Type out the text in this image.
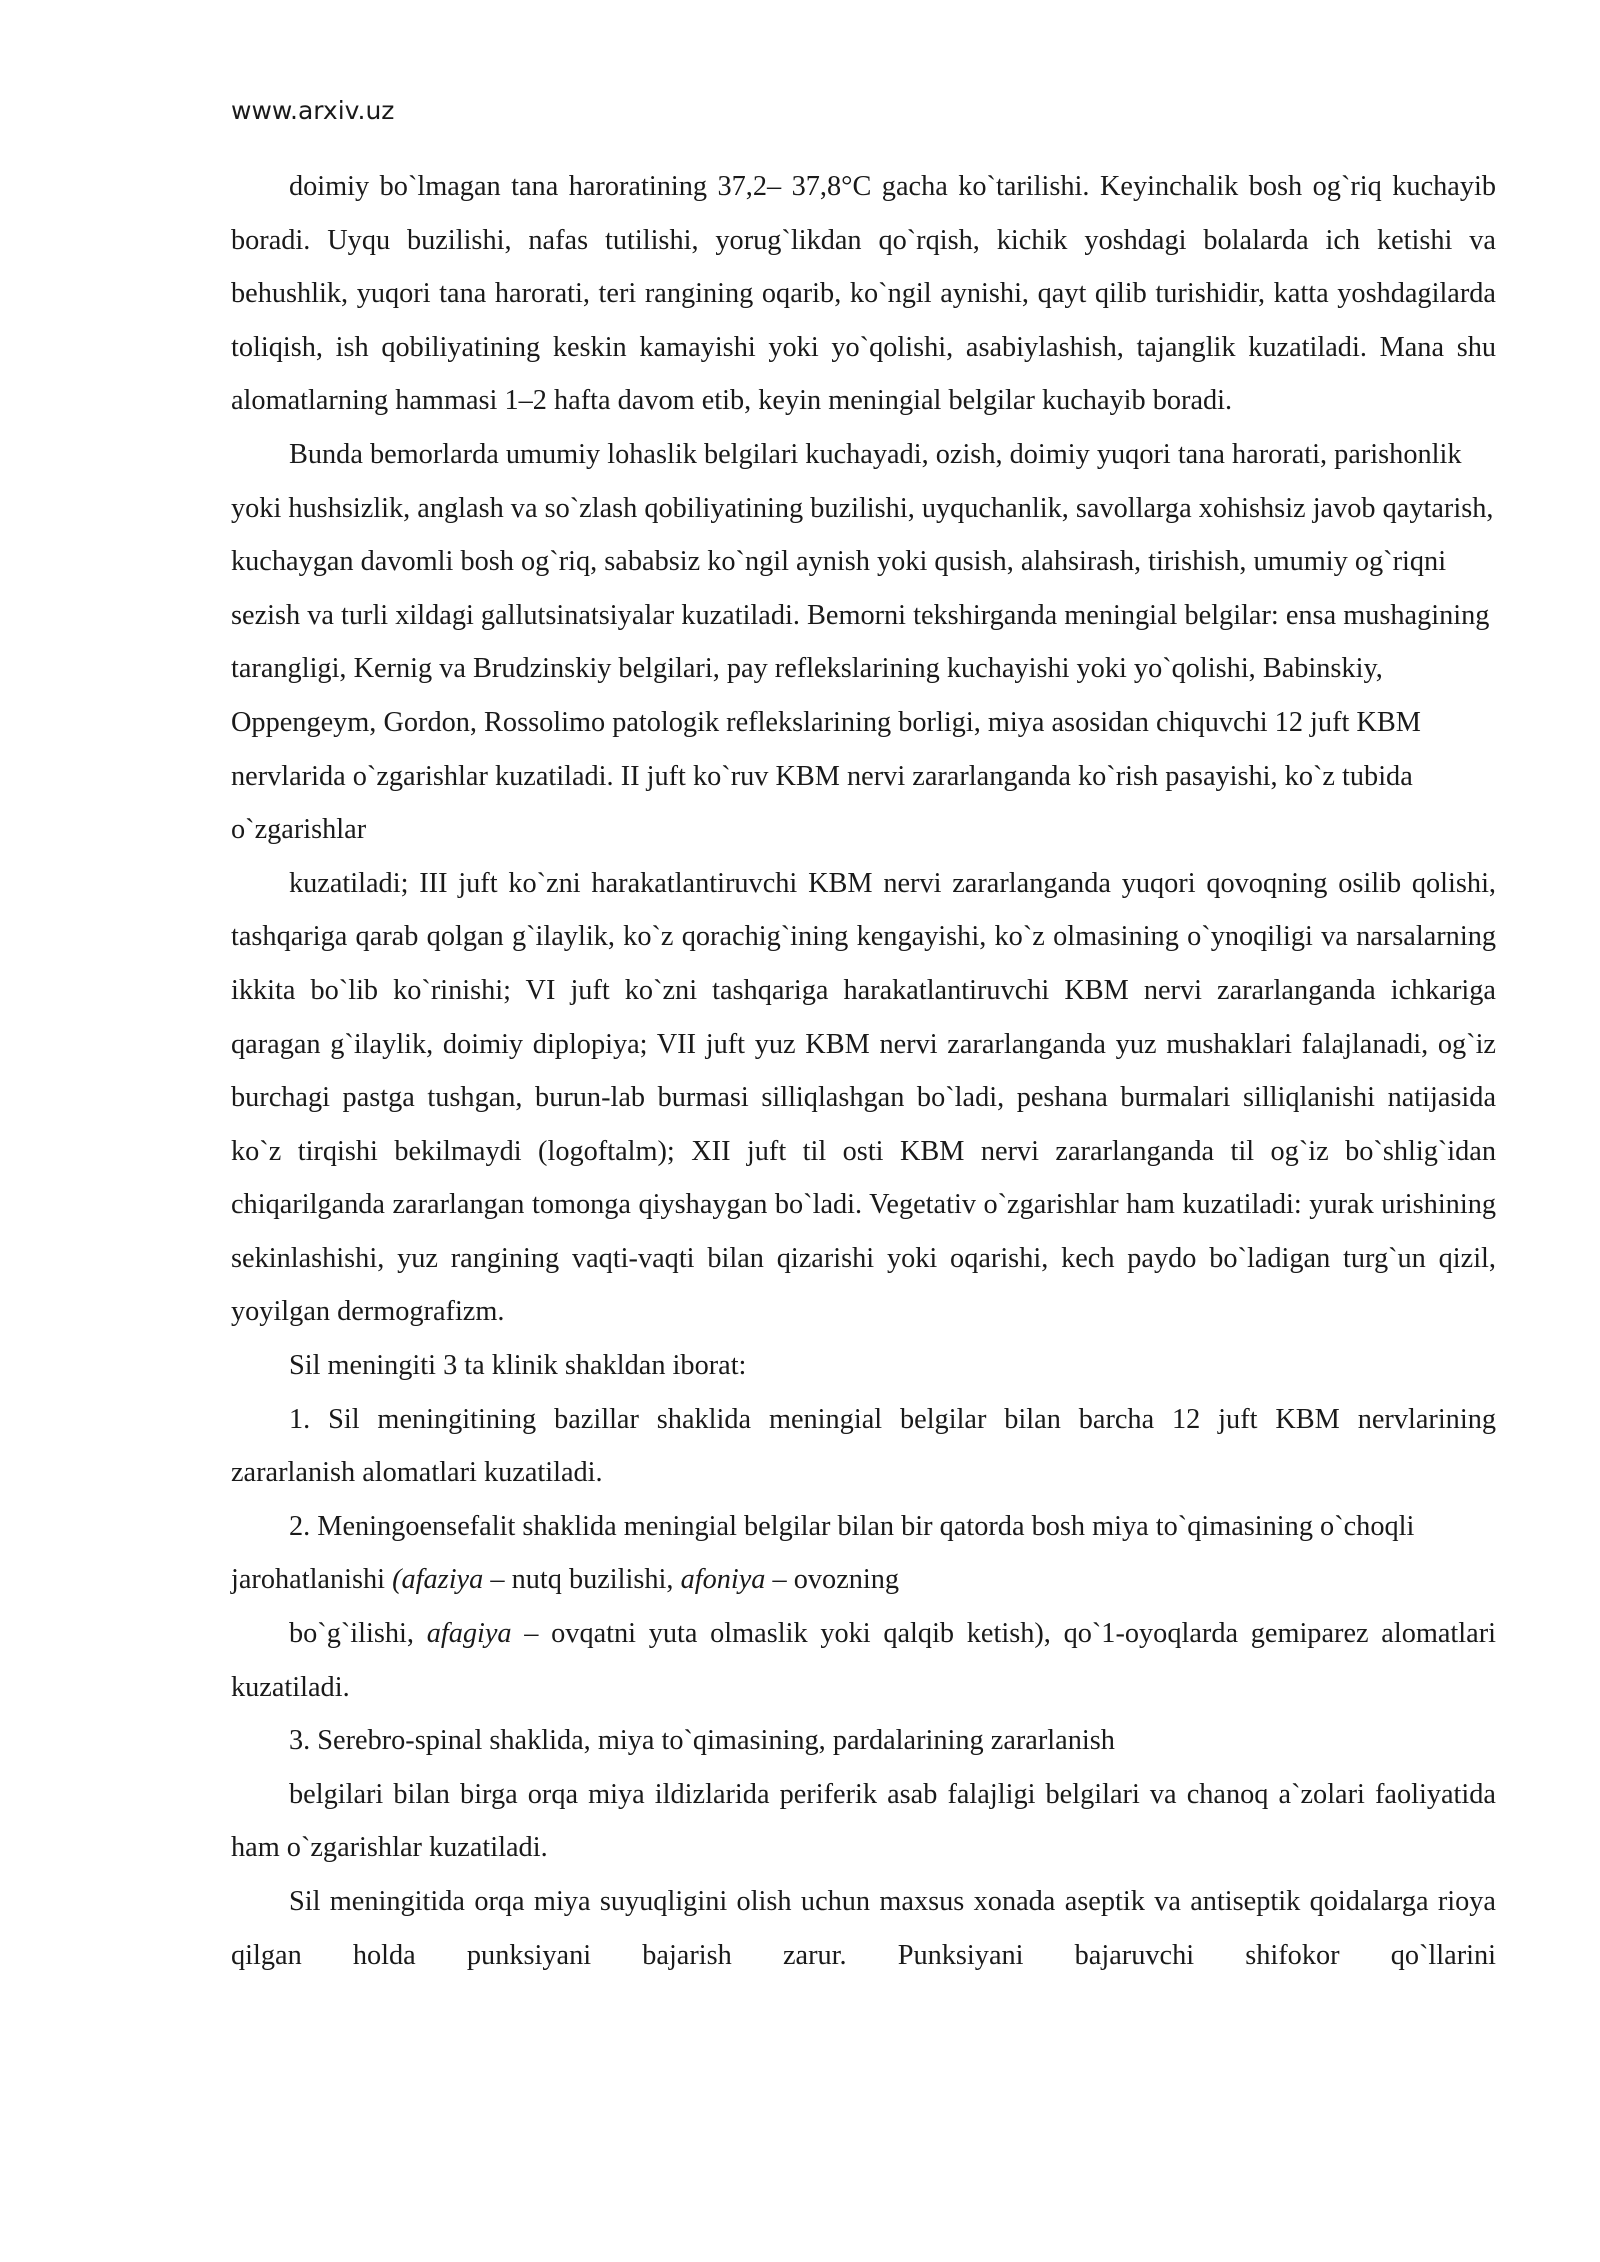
www.arxiv.uz

doimiy bo`lmagan tana haroratining 37,2– 37,8°C gacha ko`tarilishi. Keyinchalik bosh og`riq kuchayib boradi. Uyqu buzilishi, nafas tutilishi, yorug`likdan qo`rqish, kichik yoshdagi bolalarda ich ketishi va behushlik, yuqori tana harorati, teri rangining oqarib, ko`ngil aynishi, qayt qilib turishidir, katta yoshdagilarda toliqish, ish qobiliyatining keskin kamayishi yoki yo`qolishi, asabiylashish, tajanglik kuzatiladi. Mana shu alomatlarning hammasi 1–2 hafta davom etib, keyin meningial belgilar kuchayib boradi.

Bunda bemorlarda umumiy lohaslik belgilari kuchayadi, ozish, doimiy yuqori tana harorati, parishonlik yoki hushsizlik, anglash va so`zlash qobiliyatining buzilishi, uyquchanlik, savollarga xohishsiz javob qaytarish, kuchaygan davomli bosh og`riq, sababsiz ko`ngil aynish yoki qusish, alahsirash, tirishish, umumiy og`riqni sezish va turli xildagi gallutsinatsiyalar kuzatiladi. Bemorni tekshirganda meningial belgilar: ensa mushagining tarangligi, Kernig va Brudzinskiy belgilari, pay reflekslarining kuchayishi yoki yo`qolishi, Babinskiy, Oppengeym, Gordon, Rossolimo patologik reflekslarining borligi, miya asosidan chiquvchi 12 juft KBM nervlarida o`zgarishlar kuzatiladi. II juft ko`ruv KBM nervi zararlanganda ko`rish pasayishi, ko`z tubida o`zgarishlar

kuzatiladi; III juft ko`zni harakatlantiruvchi KBM nervi zararlanganda yuqori qovoqning osilib qolishi, tashqariga qarab qolgan g`ilaylik, ko`z qorachig`ining kengayishi, ko`z olmasining o`ynoqiligi va narsalarning ikkita bo`lib ko`rinishi; VI juft ko`zni tashqariga harakatlantiruvchi KBM nervi zararlanganda ichkariga qaragan g`ilaylik, doimiy diplopiya; VII juft yuz KBM nervi zararlanganda yuz mushaklari falajlanadi, og`iz burchagi pastga tushgan, burun-lab burmasi silliqlashgan bo`ladi, peshana burmalari silliqlanishi natijasida ko`z tirqishi bekilmaydi (logoftalm); XII juft til osti KBM nervi zararlanganda til og`iz bo`shlig`idan chiqarilganda zararlangan tomonga qiyshaygan bo`ladi. Vegetativ o`zgarishlar ham kuzatiladi: yurak urishining sekinlashishi, yuz rangining vaqti-vaqti bilan qizarishi yoki oqarishi, kech paydo bo`ladigan turg`un qizil, yoyilgan dermografizm.

Sil meningiti 3 ta klinik shakldan iborat:

1. Sil meningitining bazillar shaklida meningial belgilar bilan barcha 12 juft KBM nervlarining zararlanish alomatlari kuzatiladi.

2. Meningoensefalit shaklida meningial belgilar bilan bir qatorda bosh miya to`qimasining o`choqli jarohatlanishi (afaziya – nutq buzilishi, afoniya – ovozning

bo`g`ilishi, afagiya – ovqatni yuta olmaslik yoki qalqib ketish), qo`1-oyoqlarda gemiparez alomatlari kuzatiladi.

3. Serebro-spinal shaklida, miya to`qimasining, pardalarining zararlanish

belgilari bilan birga orqa miya ildizlarida periferik asab falajligi belgilari va chanoq a`zolari faoliyatida ham o`zgarishlar kuzatiladi.

Sil meningitida orqa miya suyuqligini olish uchun maxsus xonada aseptik va antiseptik qoidalarga rioya qilgan holda punksiyani bajarish zarur. Punksiyani bajaruvchi shifokor qo`llarini
